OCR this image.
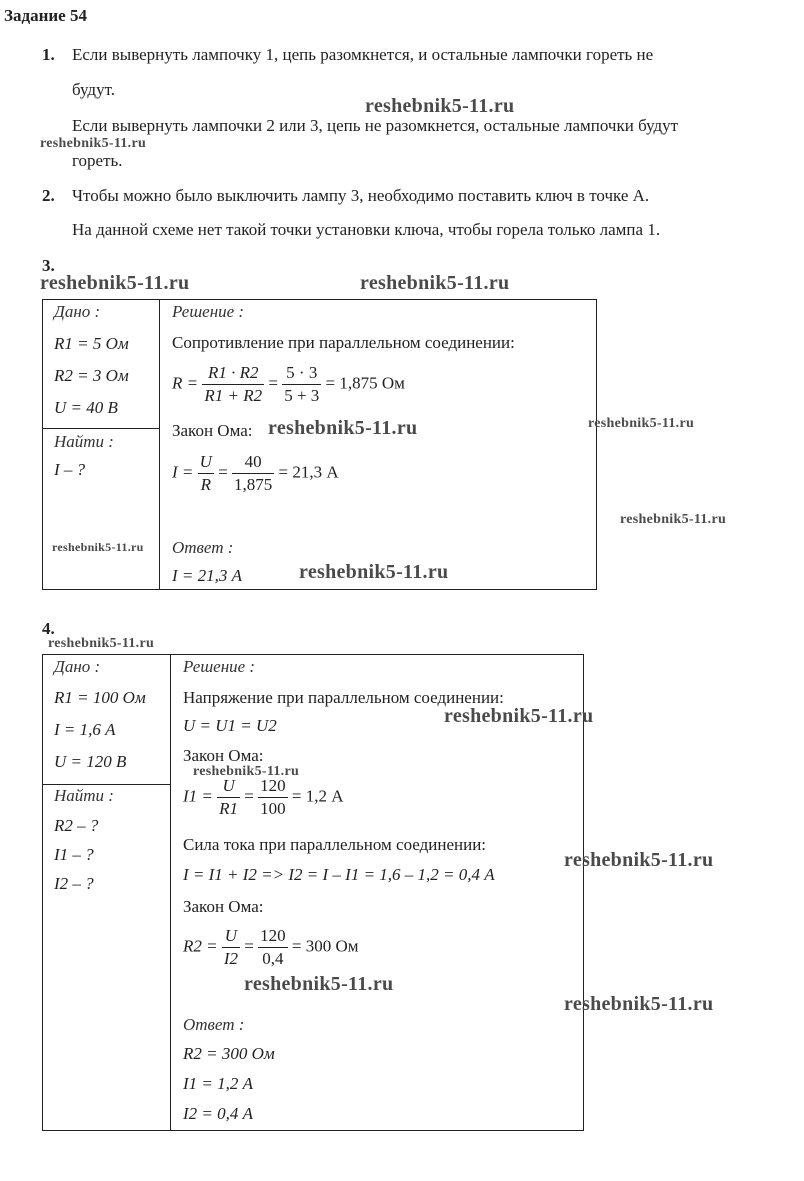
Задание 54
1. Если вывернуть лампочку 1, цепь разомкнется, и остальные лампочки гореть не
будут.
Если вывернуть лампочки 2 или 3, цепь не разомкнется, остальные лампочки будут
гореть.
2. Чтобы можно было выключить лампу 3, необходимо поставить ключ в точке А.
На данной схеме нет такой точки установки ключа, чтобы горела только лампа 1.
3.
Дано :
R1 = 5 Ом
R2 = 3 Ом
U = 40 В
Найти :
I – ?
Решение :
Сопротивление при параллельном соединении:
$R = \frac{R1 \cdot R2}{R1 + R2} = \frac{5 \cdot 3}{5 + 3} = 1,875$ Ом
Закон Ома:
$I = \frac{U}{R} = \frac{40}{1,875} = 21,3$ А
Ответ :
I = 21,3 А
4.
Дано :
R1 = 100 Ом
I = 1,6 А
U = 120 В
Найти :
R2 – ?
I1 – ?
I2 – ?
Решение :
Напряжение при параллельном соединении:
U = U1 = U2
Закон Ома:
$I1 = \frac{U}{R1} = \frac{120}{100} = 1,2$ А
Сила тока при параллельном соединении:
I = I1 + I2 => I2 = I – I1 = 1,6 – 1,2 = 0,4 А
Закон Ома:
$R2 = \frac{U}{I2} = \frac{120}{0,4} = 300$ Ом
Ответ :
R2 = 300 Ом
I1 = 1,2 А
I2 = 0,4 А
reshebnik5-11.ru
reshebnik5-11.ru
reshebnik5-11.ru	reshebnik5-11.ru
reshebnik5-11.ru	reshebnik5-11.ru
reshebnik5-11.ru
reshebnik5-11.ru
reshebnik5-11.ru
reshebnik5-11.ru
reshebnik5-11.ru
reshebnik5-11.ru
reshebnik5-11.ru
reshebnik5-11.ru
reshebnik5-11.ru
